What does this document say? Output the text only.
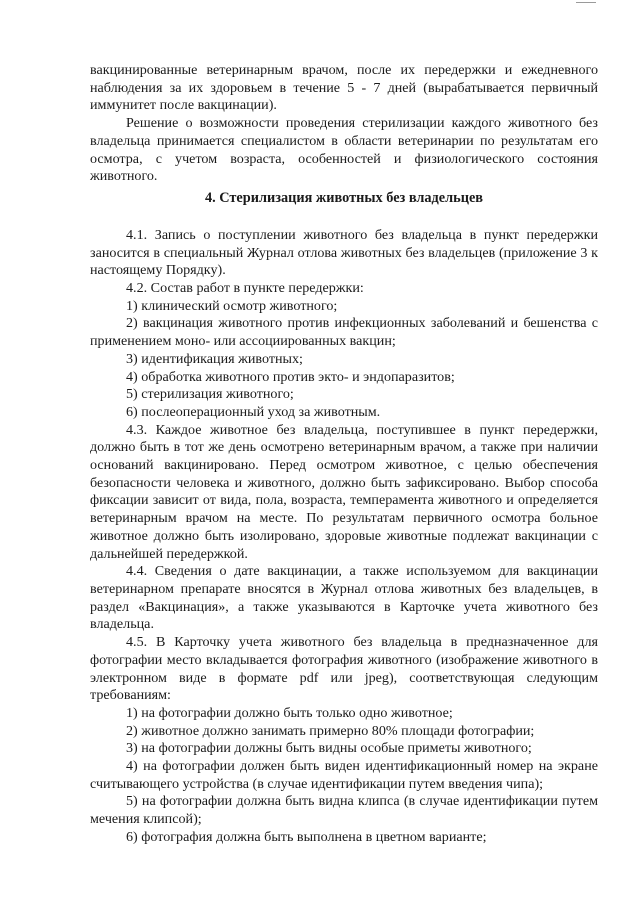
вакцинированные ветеринарным врачом, после их передержки и ежедневного наблюдения за их здоровьем в течение 5 - 7 дней (вырабатывается первичный иммунитет после вакцинации).

Решение о возможности проведения стерилизации каждого животного без владельца принимается специалистом в области ветеринарии по результатам его осмотра, с учетом возраста, особенностей и физиологического состояния животного.

4. Стерилизация животных без владельцев

4.1. Запись о поступлении животного без владельца в пункт передержки заносится в специальный Журнал отлова животных без владельцев (приложение 3 к настоящему Порядку).

4.2. Состав работ в пункте передержки:

1) клинический осмотр животного;

2) вакцинация животного против инфекционных заболеваний и бешенства с применением моно- или ассоциированных вакцин;

3) идентификация животных;

4) обработка животного против экто- и эндопаразитов;

5) стерилизация животного;

6) послеоперационный уход за животным.

4.3. Каждое животное без владельца, поступившее в пункт передержки, должно быть в тот же день осмотрено ветеринарным врачом, а также при наличии оснований вакцинировано. Перед осмотром животное, с целью обеспечения безопасности человека и животного, должно быть зафиксировано. Выбор способа фиксации зависит от вида, пола, возраста, темперамента животного и определяется ветеринарным врачом на месте. По результатам первичного осмотра больное животное должно быть изолировано, здоровые животные подлежат вакцинации с дальнейшей передержкой.

4.4. Сведения о дате вакцинации, а также используемом для вакцинации ветеринарном препарате вносятся в Журнал отлова животных без владельцев, в раздел «Вакцинация», а также указываются в Карточке учета животного без владельца.

4.5. В Карточку учета животного без владельца в предназначенное для фотографии место вкладывается фотография животного (изображение животного в электронном виде в формате pdf или jpeg), соответствующая следующим требованиям:

1) на фотографии должно быть только одно животное;

2) животное должно занимать примерно 80% площади фотографии;

3) на фотографии должны быть видны особые приметы животного;

4) на фотографии должен быть виден идентификационный номер на экране считывающего устройства (в случае идентификации путем введения чипа);

5) на фотографии должна быть видна клипса (в случае идентификации путем мечения клипсой);

6) фотография должна быть выполнена в цветном варианте;
